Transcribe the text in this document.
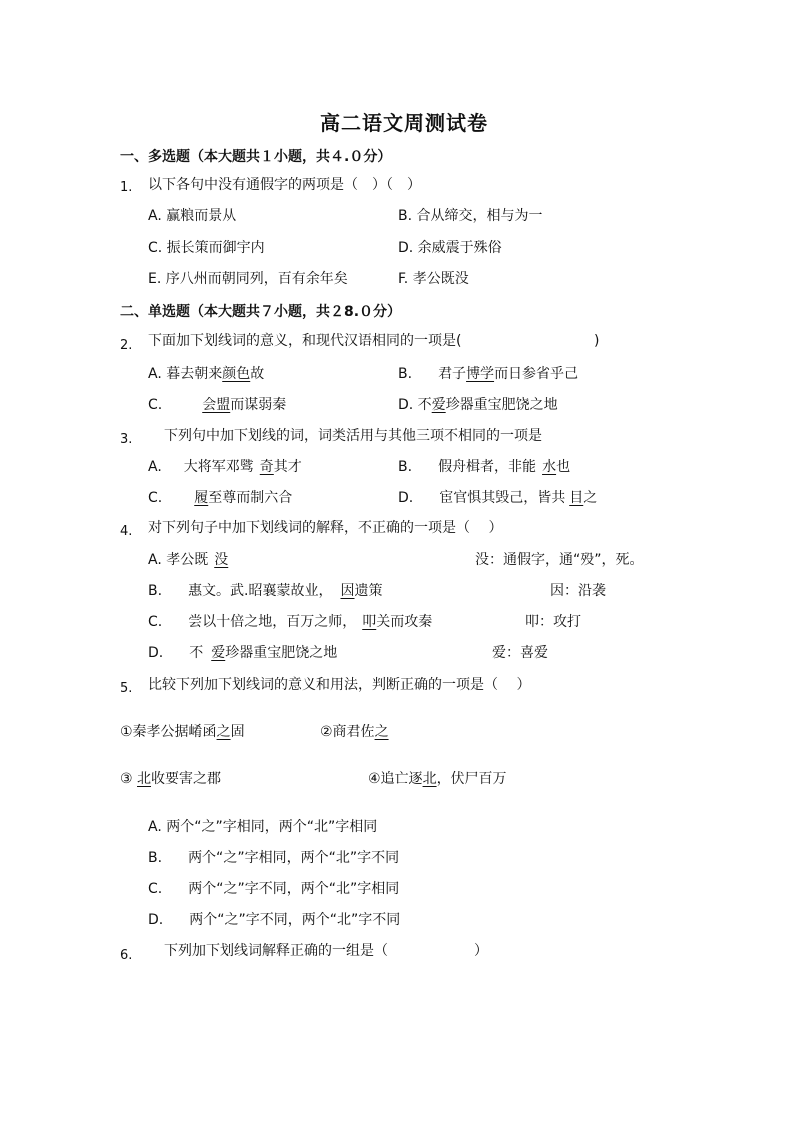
高二语文周测试卷
一、多选题（本大题共１小题，共４.０分）
1. 以下各句中没有通假字的两项是（　）（　）
A. 赢粮而景从	B. 合从缔交，相与为一
C. 振长策而御宇内	D. 余威震于殊俗
E. 序八州而朝同列，百有余年矣	F. 孝公既没
二、单选题（本大题共７小题，共２8.０分）
2. 下面加下划线词的意义，和现代汉语相同的一项是(	)
A. 暮去朝来颜色故	B. 君子博学而日参省乎己
C.	会盟而谋弱秦	D. 不爱珍器重宝肥饶之地
3. 下列句中加下划线的词，词类活用与其他三项不相同的一项是
A. 大将军邓骘 奇其才	B. 假舟楫者，非能 水也
C. 履至尊而制六合	D. 宦官惧其毁己，皆共 目之
4. 对下列句子中加下划线词的解释，不正确的一项是（　 ）
A. 孝公既 没	没：通假字，通“殁”，死。
B. 惠文。武.昭襄蒙故业， 因遗策	因：沿袭
C. 尝以十倍之地，百万之师， 叩关而攻秦	叩：攻打
D. 不 爱珍器重宝肥饶之地	爱：喜爱
5. 比较下列加下划线词的意义和用法，判断正确的一项是（　 ）
①秦孝公据崤函之固	②商君佐之
③ 北收要害之郡	④追亡逐北，伏尸百万
A. 两个“之”字相同，两个“北”字相同
B. 两个“之”字相同，两个“北”字不同
C. 两个“之”字不同，两个“北”字相同
D. 两个“之”字不同，两个“北”字不同
6. 下列加下划线词解释正确的一组是（	）
